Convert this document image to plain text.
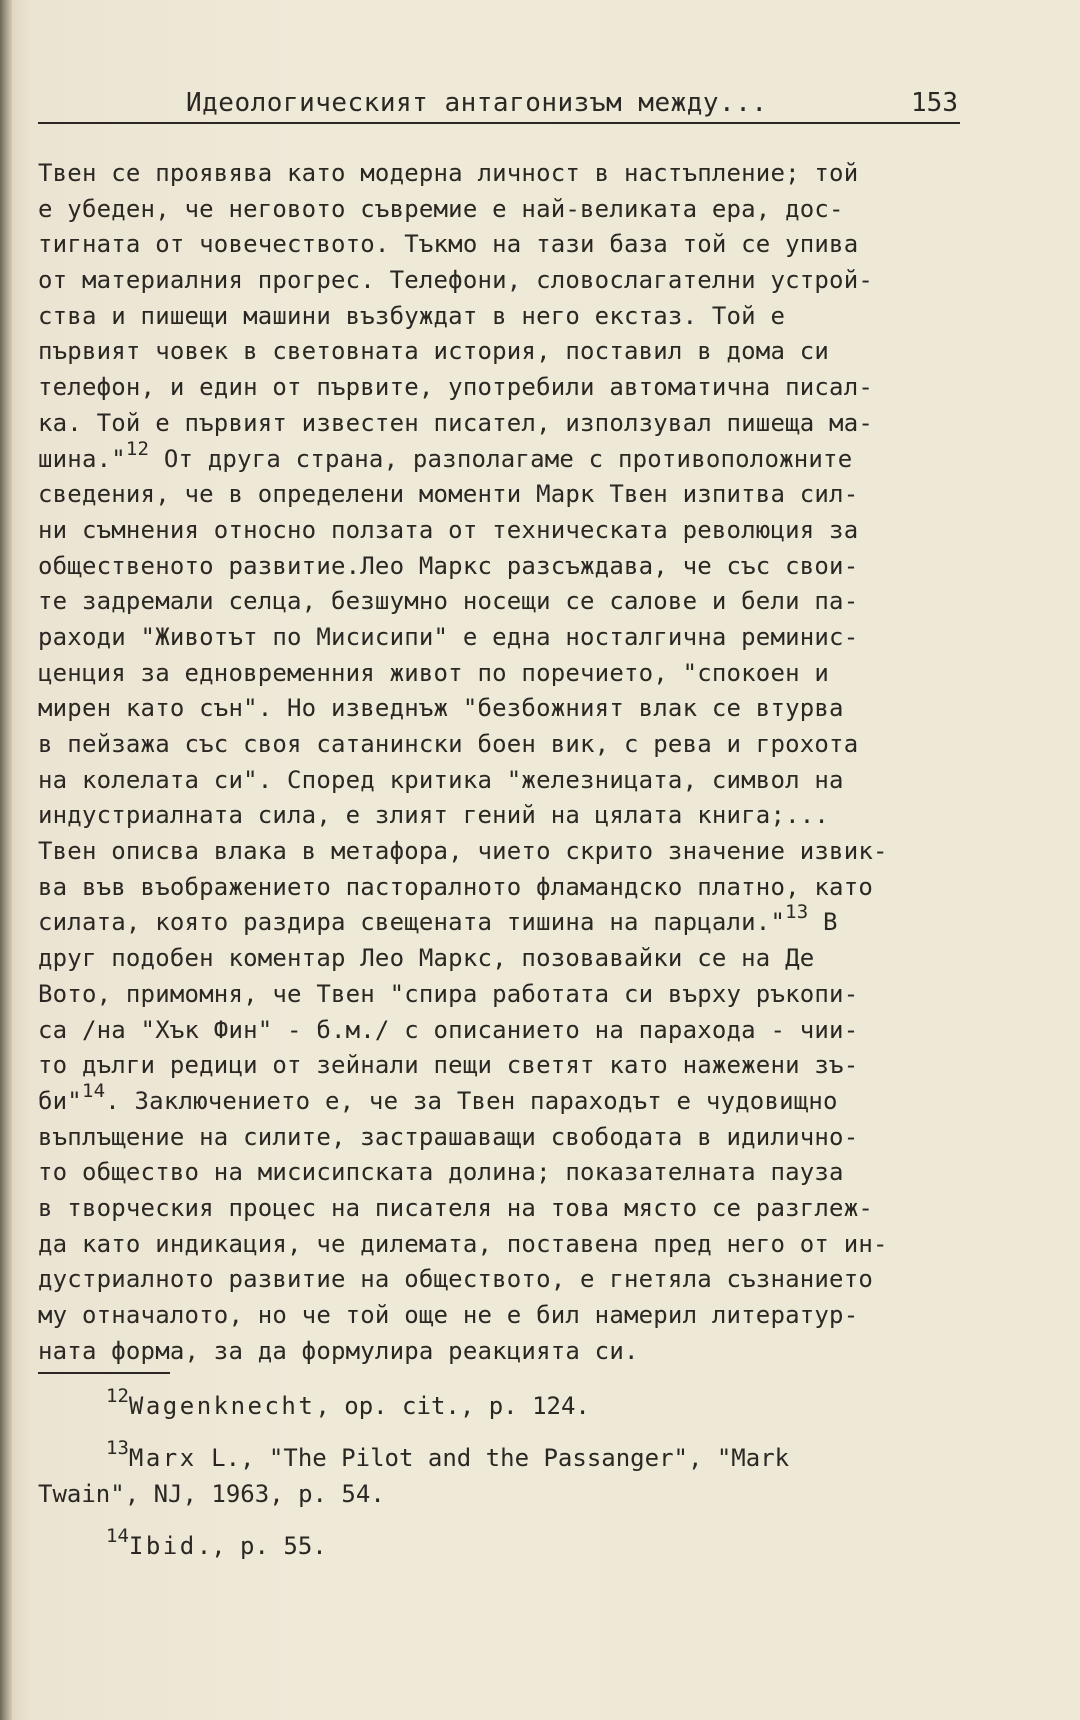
Идеологическият антагонизъм между...	153
Твен се проявява като модерна личност в настъпление; той
е убеден, че неговото съвремие е най-великата ера, дос-
тигната от човечеството. Тъкмо на тази база той се упива
от материалния прогрес. Телефони, словослагателни устрой-
ства и пишещи машини възбуждат в него екстаз. Той е
първият човек в световната история, поставил в дома си
телефон, и един от първите, употребили автоматична писал-
ка. Той е първият известен писател, използувал пишеща ма-
шина."$^{12}$ От друга страна, разполагаме с противоположните
сведения, че в определени моменти Марк Твен изпитва сил-
ни съмнения относно ползата от техническата революция за
общественото развитие.Лео Маркс разсъждава, че със свои-
те задремали селца, безшумно носещи се салове и бели па-
раходи "Животът по Мисисипи" е една носталгична реминис-
ценция за едновременния живот по поречието, "спокоен и
мирен като сън". Но изведнъж "безбожният влак се втурва
в пейзажа със своя сатанински боен вик, с рева и грохота
на колелата си". Според критика "железницата, символ на
индустриалната сила, е злият гений на цялата книга;...
Твен описва влака в метафора, чието скрито значение извик-
ва във въображението пасторалното фламандско платно, като
силата, която раздира свещената тишина на парцали."$^{13}$ В
друг подобен коментар Лео Маркс, позовавайки се на Де
Вото, примомня, че Твен "спира работата си върху ръкопи-
са /на "Хък Фин" - б.м./ с описанието на парахода - чии-
то дълги редици от зейнали пещи светят като нажежени зъ-
би"$^{14}$. Заключението е, че за Твен параходът е чудовищно
въплъщение на силите, застрашаващи свободата в идилично-
то общество на мисисипската долина; показателната пауза
в творческия процес на писателя на това място се разглеж-
да като индикация, че дилемата, поставена пред него от ин-
дустриалното развитие на обществото, е гнетяла съзнанието
му отначалото, но че той още не е бил намерил литератур-
ната форма, за да формулира реакцията си.
$^{12}$Wagenknecht, op. cit., p. 124.
$^{13}$Marx L., "The Pilot and the Passanger", "Mark
Twain", NJ, 1963, p. 54.
$^{14}$Ibid., p. 55.
